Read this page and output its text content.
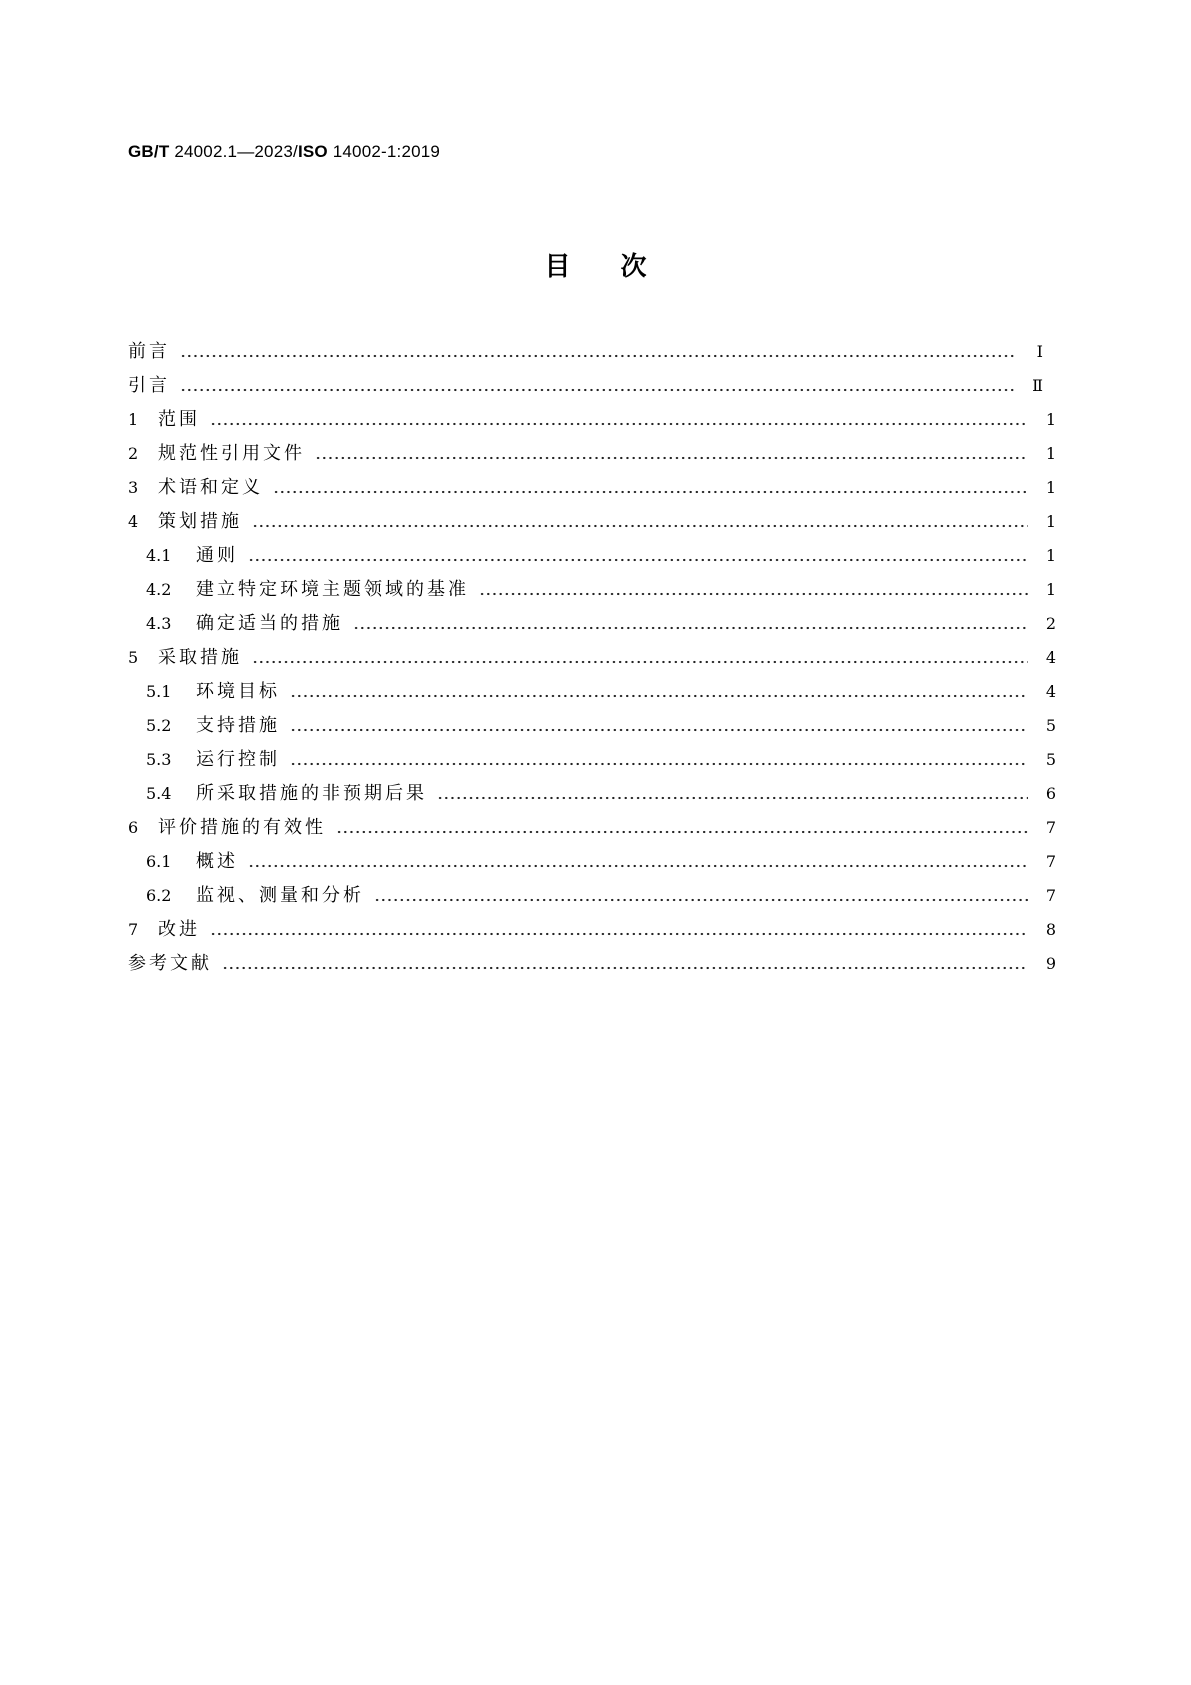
GB/T 24002.1—2023/ISO 14002-1:2019
目次
前言	Ⅰ
引言	Ⅱ
1	范围	1
2	规范性引用文件	1
3	术语和定义	1
4	策划措施	1
4.1	通则	1
4.2	建立特定环境主题领域的基准	1
4.3	确定适当的措施	2
5	采取措施	4
5.1	环境目标	4
5.2	支持措施	5
5.3	运行控制	5
5.4	所采取措施的非预期后果	6
6	评价措施的有效性	7
6.1	概述	7
6.2	监视、测量和分析	7
7	改进	8
参考文献	9
